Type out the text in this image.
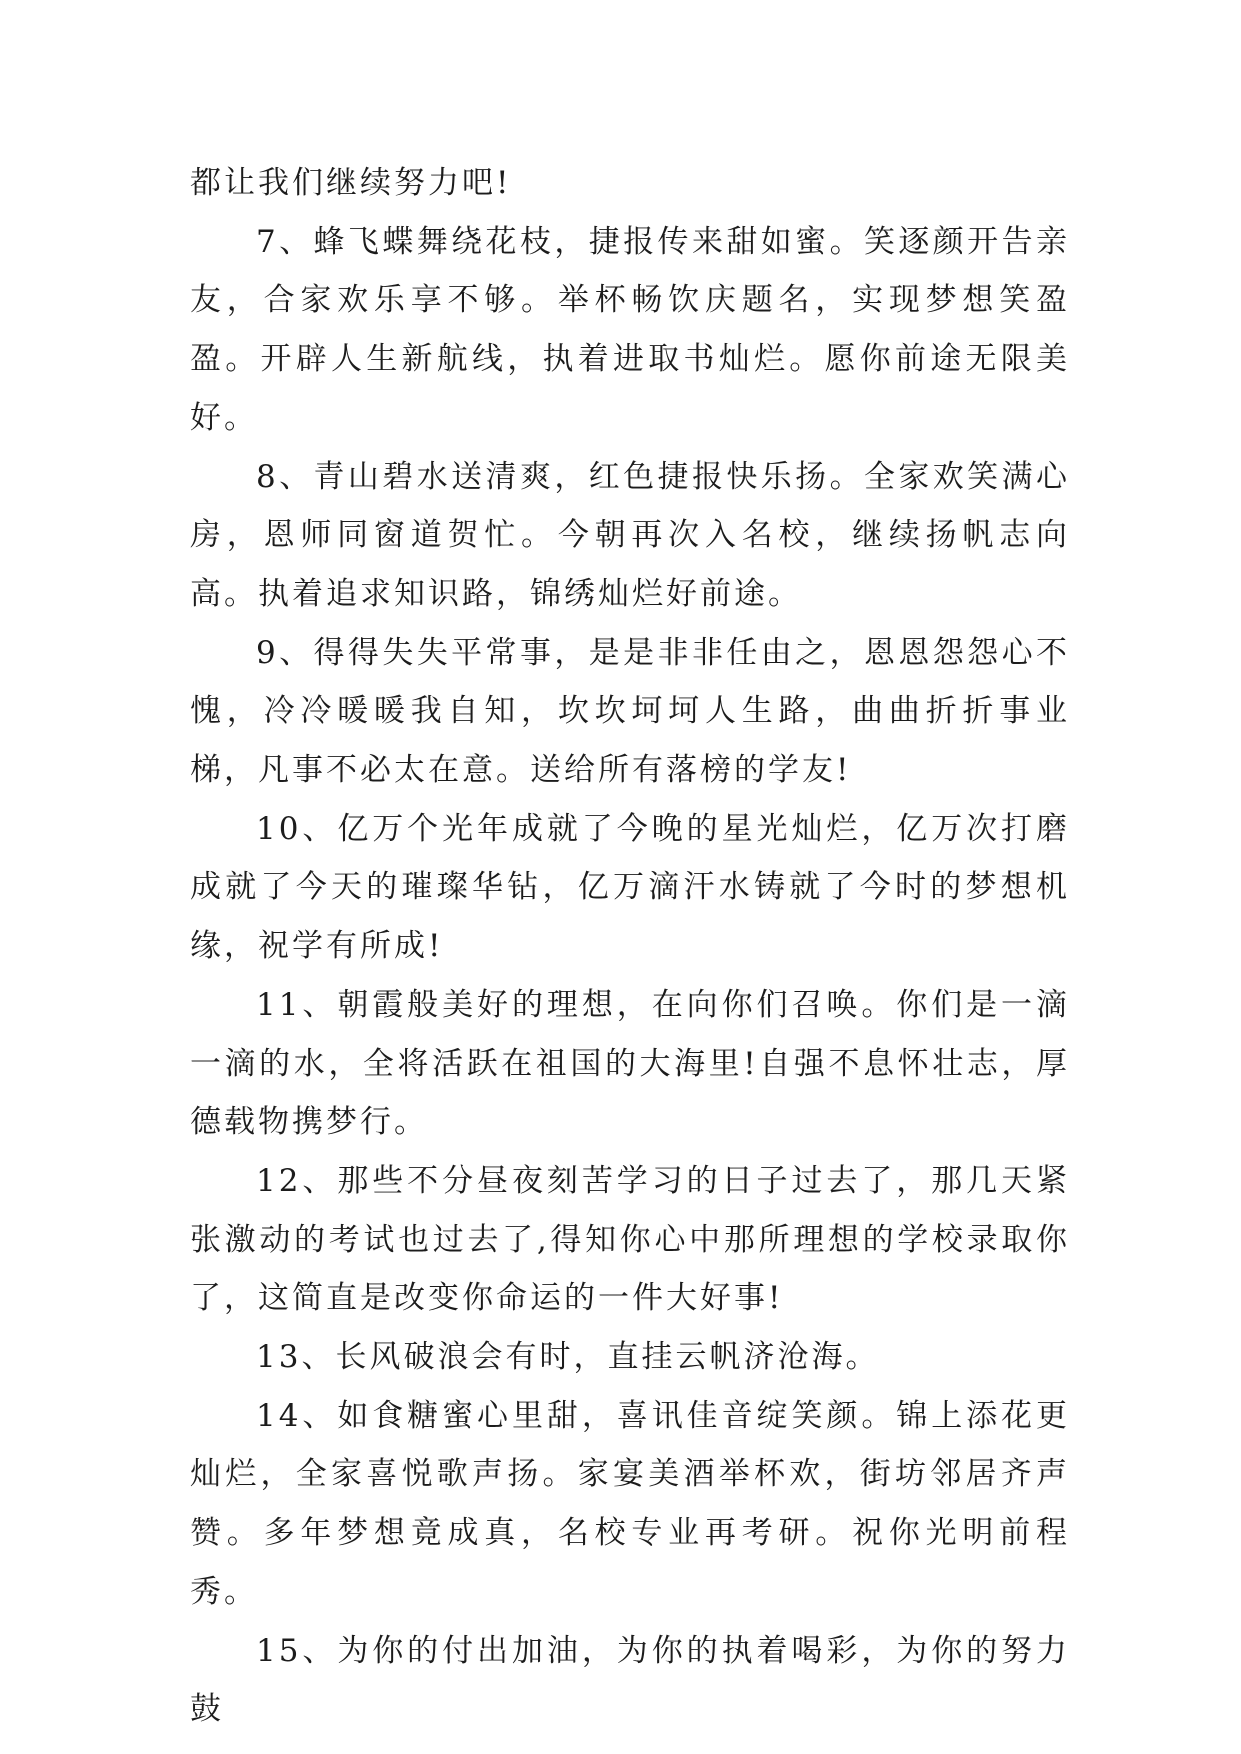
都让我们继续努力吧!

7、蜂飞蝶舞绕花枝，捷报传来甜如蜜。笑逐颜开告亲友，合家欢乐享不够。举杯畅饮庆题名，实现梦想笑盈盈。开辟人生新航线，执着进取书灿烂。愿你前途无限美好。

8、青山碧水送清爽，红色捷报快乐扬。全家欢笑满心房，恩师同窗道贺忙。今朝再次入名校，继续扬帆志向高。执着追求知识路，锦绣灿烂好前途。

9、得得失失平常事，是是非非任由之，恩恩怨怨心不愧，冷冷暖暖我自知，坎坎坷坷人生路，曲曲折折事业梯，凡事不必太在意。送给所有落榜的学友!

10、亿万个光年成就了今晚的星光灿烂，亿万次打磨成就了今天的璀璨华钻，亿万滴汗水铸就了今时的梦想机缘，祝学有所成!

11、朝霞般美好的理想，在向你们召唤。你们是一滴一滴的水，全将活跃在祖国的大海里!自强不息怀壮志，厚德载物携梦行。

12、那些不分昼夜刻苦学习的日子过去了，那几天紧张激动的考试也过去了,得知你心中那所理想的学校录取你了，这简直是改变你命运的一件大好事!

13、长风破浪会有时，直挂云帆济沧海。

14、如食糖蜜心里甜，喜讯佳音绽笑颜。锦上添花更灿烂，全家喜悦歌声扬。家宴美酒举杯欢，街坊邻居齐声赞。多年梦想竟成真，名校专业再考研。祝你光明前程秀。

15、为你的付出加油，为你的执着喝彩，为你的努力鼓
